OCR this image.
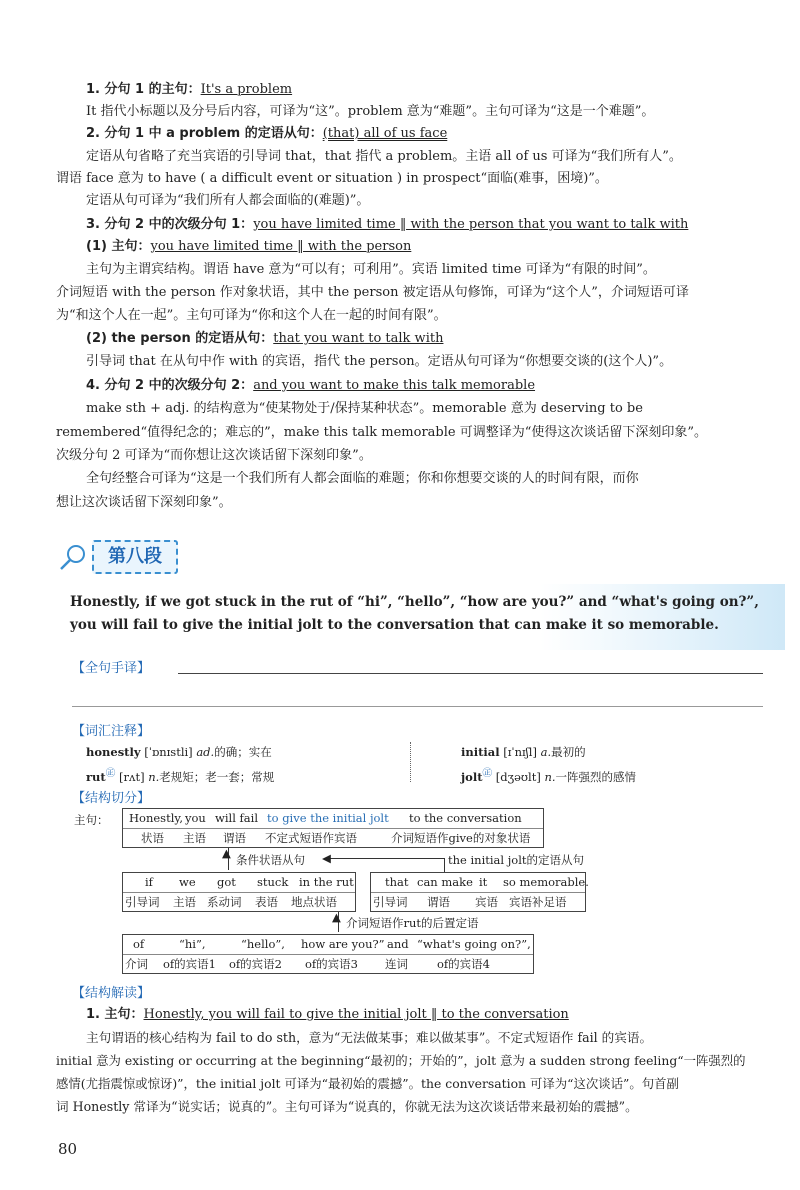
1. 分句 1 的主句：It's a problem
It 指代小标题以及分号后内容，可译为“这”。problem 意为“难题”。主句可译为“这是一个难题”。
2. 分句 1 中 a problem 的定语从句：(that) all of us face
定语从句省略了充当宾语的引导词 that，that 指代 a problem。主语 all of us 可译为“我们所有人”。
谓语 face 意为 to have ( a difficult event or situation ) in prospect“面临(难事，困境)”。
定语从句可译为“我们所有人都会面临的(难题)”。
3. 分句 2 中的次级分句 1：you have limited time ‖ with the person that you want to talk with
(1) 主句：you have limited time ‖ with the person
主句为主谓宾结构。谓语 have 意为“可以有；可利用”。宾语 limited time 可译为“有限的时间”。
介词短语 with the person 作对象状语，其中 the person 被定语从句修饰，可译为“这个人”，介词短语可译
为“和这个人在一起”。主句可译为“你和这个人在一起的时间有限”。
(2) the person 的定语从句：that you want to talk with
引导词 that 在从句中作 with 的宾语，指代 the person。定语从句可译为“你想要交谈的(这个人)”。
4. 分句 2 中的次级分句 2：and you want to make this talk memorable
make sth + adj. 的结构意为“使某物处于/保持某种状态”。memorable 意为 deserving to be
remembered“值得纪念的；难忘的”，make this talk memorable 可调整译为“使得这次谈话留下深刻印象”。
次级分句 2 可译为“而你想让这次谈话留下深刻印象”。
全句经整合可译为“这是一个我们所有人都会面临的难题；你和你想要交谈的人的时间有限，而你
想让这次谈话留下深刻印象”。
第八段
Honestly, if we got stuck in the rut of “hi”, “hello”, “how are you?” and “what's going on?”,
you will fail to give the initial jolt to the conversation that can make it so memorable.
【全句手译】
【词汇注释】
honestly [ˈɒnɪstli] ad.的确；实在
rut㊣ [rʌt] n.老规矩；老一套；常规
initial [ɪˈnɪʃl] a.最初的
jolt㊣ [dʒəʊlt] n.一阵强烈的感情
【结构切分】
主句： Honestly, you will fail to give the initial jolt to the conversation
状语 主语 谓语 不定式短语作宾语	介词短语作give的对象状语
▲ 条件状语从句 ◀	the initial jolt的定语从句
if we got stuck in the rut
引导词 主语 系动词 表语 地点状语
that can make it so memorable.
引导词 谓语 宾语 宾语补足语
▲ 介词短语作rut的后置定语
of	“hi”,	“hello”, how are you?” and “what's going on?”,
介词 of的宾语1 of的宾语2 of的宾语3 连词	of的宾语4
【结构解读】
1. 主句：Honestly, you will fail to give the initial jolt ‖ to the conversation
主句谓语的核心结构为 fail to do sth，意为“无法做某事；难以做某事”。不定式短语作 fail 的宾语。
initial 意为 existing or occurring at the beginning“最初的；开始的”，jolt 意为 a sudden strong feeling“一阵强烈的
感情(尤指震惊或惊讶)”，the initial jolt 可译为“最初始的震撼”。the conversation 可译为“这次谈话”。句首副
词 Honestly 常译为“说实话；说真的”。主句可译为“说真的，你就无法为这次谈话带来最初始的震撼”。
80
